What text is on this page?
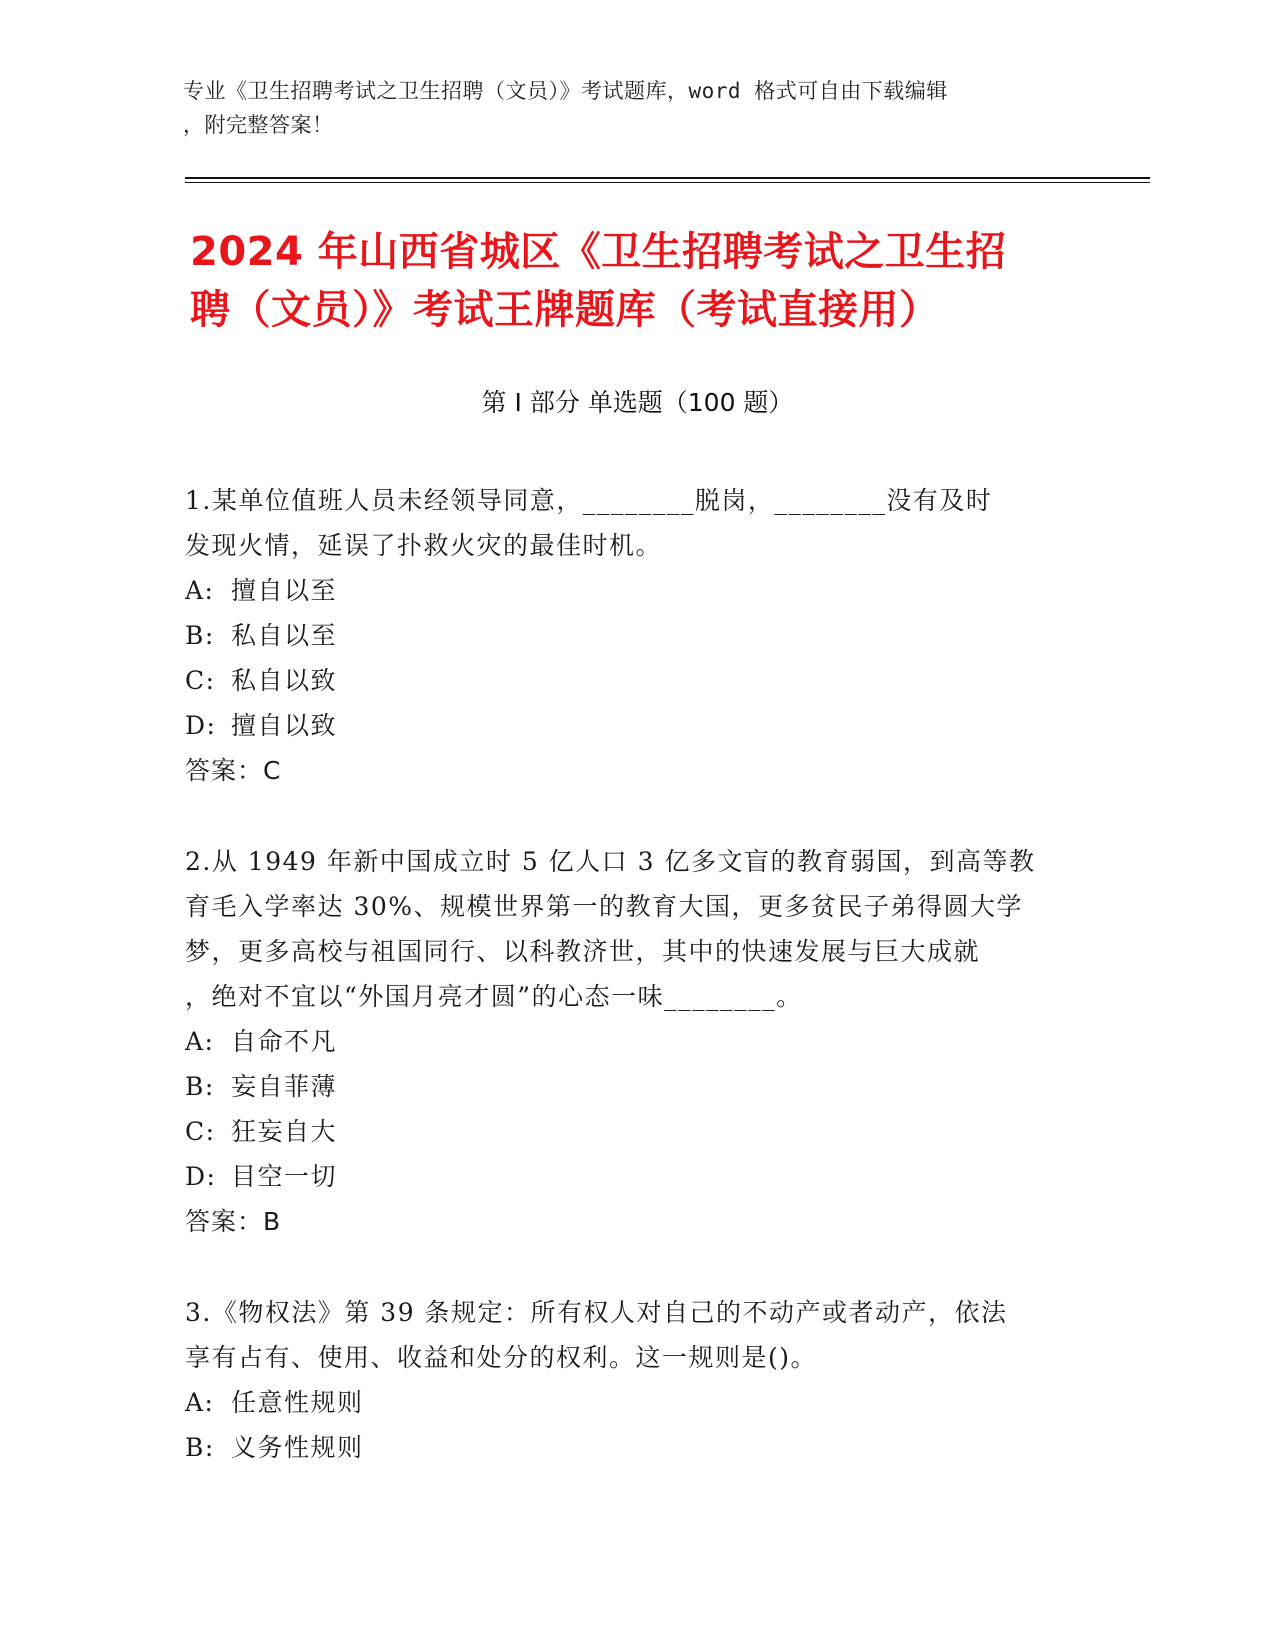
专业《卫生招聘考试之卫生招聘（文员）》考试题库，word 格式可自由下载编辑
，附完整答案！
2024 年山西省城区《卫生招聘考试之卫生招
聘（文员）》考试王牌题库（考试直接用）
第 I 部分 单选题（100 题）
1.某单位值班人员未经领导同意，________脱岗，________没有及时
发现火情，延误了扑救火灾的最佳时机。
A: 擅自以至
B: 私自以至
C: 私自以致
D: 擅自以致
答案：C
2.从 1949 年新中国成立时 5 亿人口 3 亿多文盲的教育弱国，到高等教
育毛入学率达 30%、规模世界第一的教育大国，更多贫民子弟得圆大学
梦，更多高校与祖国同行、以科教济世，其中的快速发展与巨大成就
，绝对不宜以“外国月亮才圆”的心态一味________。
A: 自命不凡
B: 妄自菲薄
C: 狂妄自大
D: 目空一切
答案：B
3.《物权法》第 39 条规定：所有权人对自己的不动产或者动产，依法
享有占有、使用、收益和处分的权利。这一规则是()。
A: 任意性规则
B: 义务性规则
